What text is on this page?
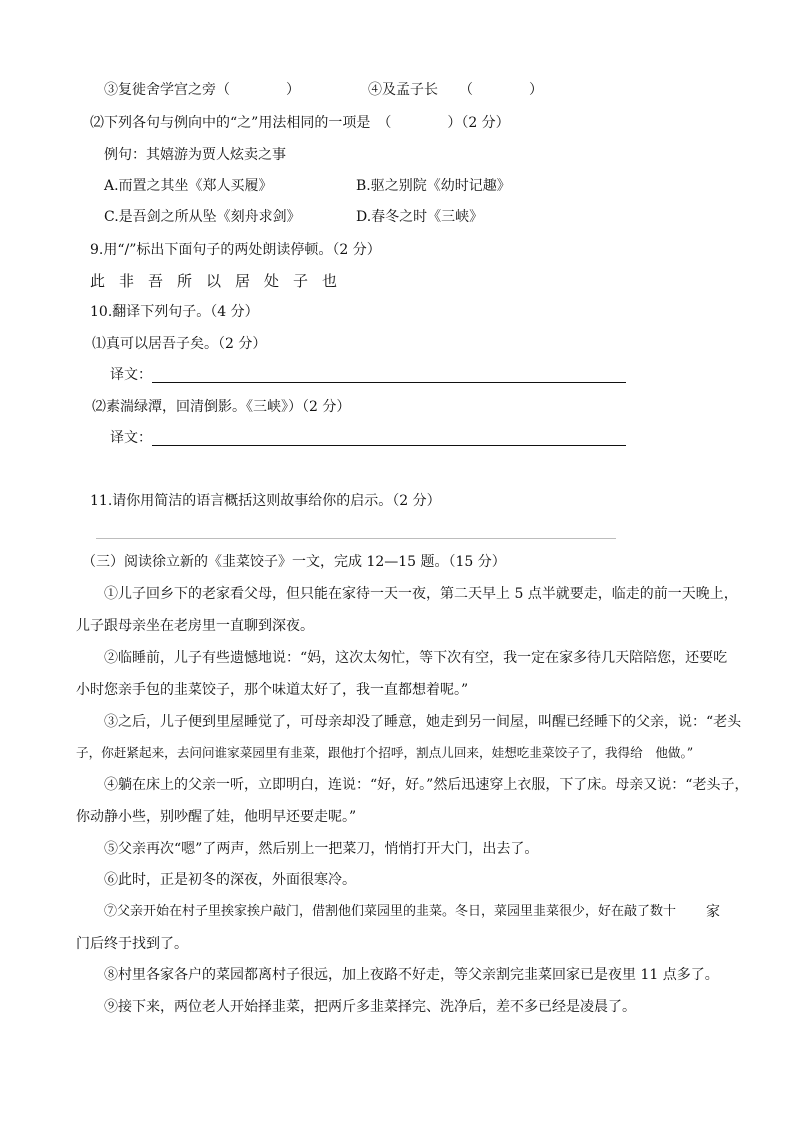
③复徙舍学宫之旁（　　　　）	④及孟子长　　（　　　　）
⑵下列各句与例向中的“之”用法相同的一项是　（　　　　）（2 分）
例句：其嬉游为贾人炫卖之事
A.而置之其坐《郑人买履》	B.驱之别院《幼时记趣》
C.是吾剑之所从坠《刻舟求剑》	D.春冬之时《三峡》
9.用“/”标出下面句子的两处朗读停顿。（2 分）
此非吾所以居处子也
10.翻译下列句子。（4 分）
⑴真可以居吾子矣。（2 分）
译文：
⑵素湍绿潭，回清倒影。《三峡》）（2 分）
译文：
11.请你用简洁的语言概括这则故事给你的启示。（2 分）
（三）阅读徐立新的《韭菜饺子》一文，完成 12—15 题。（15 分）
①儿子回乡下的老家看父母，但只能在家待一天一夜，第二天早上 5 点半就要走，临走的前一天晚上，
儿子跟母亲坐在老房里一直聊到深夜。
②临睡前，儿子有些遗憾地说：“妈，这次太匆忙，等下次有空，我一定在家多待几天陪陪您，还要吃
小时您亲手包的韭菜饺子，那个味道太好了，我一直都想着呢。”
③之后，儿子便到里屋睡觉了，可母亲却没了睡意，她走到另一间屋，叫醒已经睡下的父亲，说：“老头
子，你赶紧起来，去问问谁家菜园里有韭菜，跟他打个招呼，割点儿回来，娃想吃韭菜饺子了，我得给　他做。”
④躺在床上的父亲一听，立即明白，连说：“好，好。”然后迅速穿上衣服，下了床。母亲又说：“老头子，
你动静小些，别吵醒了娃，他明早还要走呢。”
⑤父亲再次“嗯”了两声，然后别上一把菜刀，悄悄打开大门，出去了。
⑥此时，正是初冬的深夜，外面很寒冷。
⑦父亲开始在村子里挨家挨户敲门，借割他们菜园里的韭菜。冬日，菜园里韭菜很少，好在敲了数十 家
门后终于找到了。
⑧村里各家各户的菜园都离村子很远，加上夜路不好走，等父亲割完韭菜回家已是夜里 11 点多了。
⑨接下来，两位老人开始择韭菜，把两斤多韭菜择完、洗净后，差不多已经是凌晨了。
